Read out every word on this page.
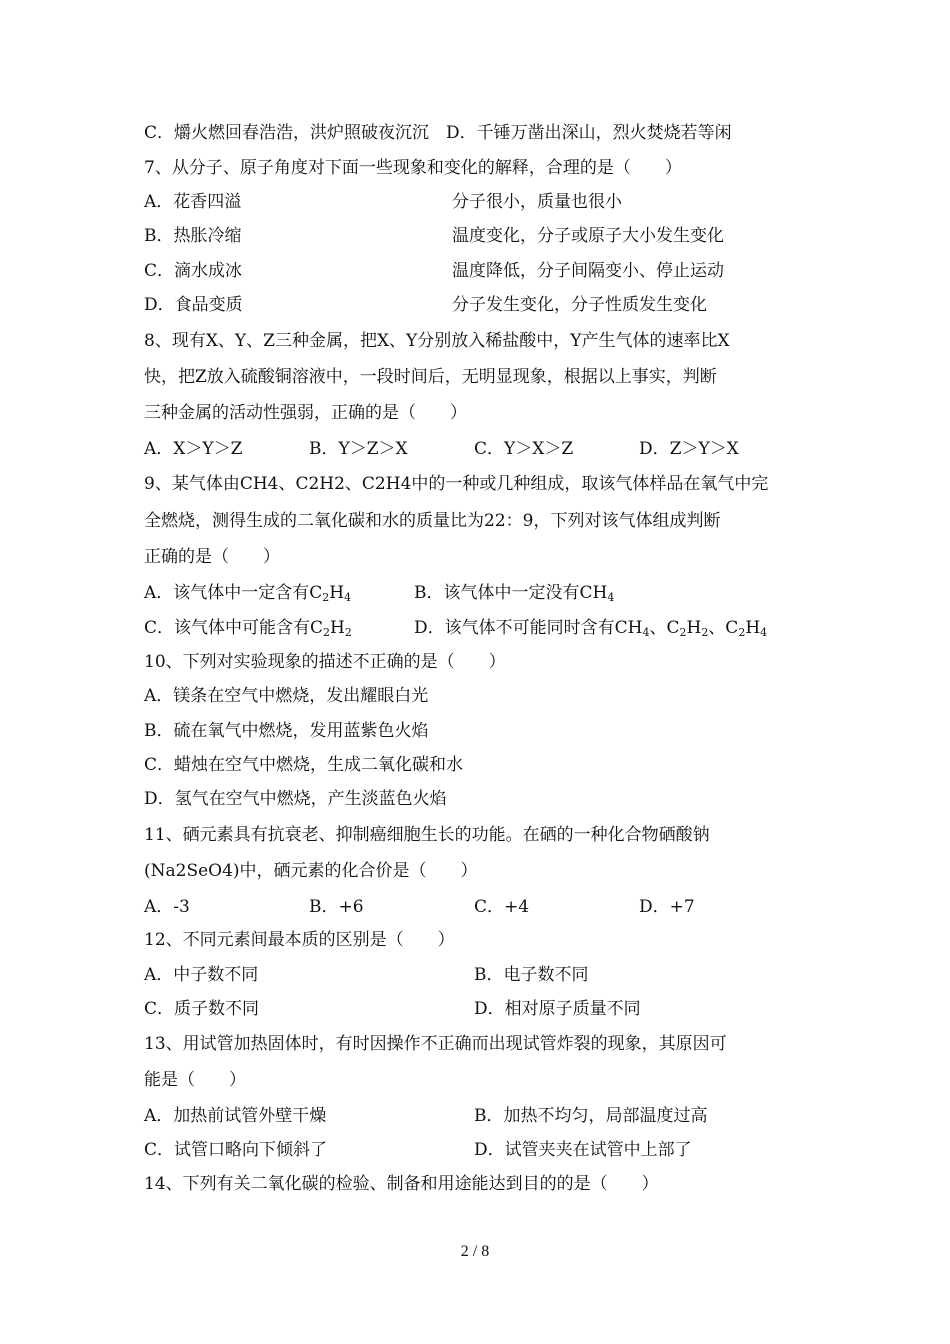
C．爝火燃回春浩浩，洪炉照破夜沉沉　D．千锤万凿出深山，烈火焚烧若等闲
7、从分子、原子角度对下面一些现象和变化的解释，合理的是（　　）
A．花香四溢	分子很小，质量也很小
B．热胀冷缩	温度变化，分子或原子大小发生变化
C．滴水成冰	温度降低，分子间隔变小、停止运动
D．食品变质	分子发生变化，分子性质发生变化
8、现有X、Y、Z三种金属，把X、Y分别放入稀盐酸中，Y产生气体的速率比X
快，把Z放入硫酸铜溶液中，一段时间后，无明显现象，根据以上事实，判断
三种金属的活动性强弱，正确的是（　　）
A．X＞Y＞Z	B．Y＞Z＞X	C．Y＞X＞Z	D．Z＞Y＞X
9、某气体由CH4、C2H2、C2H4中的一种或几种组成，取该气体样品在氧气中完
全燃烧，测得生成的二氧化碳和水的质量比为22：9，下列对该气体组成判断
正确的是（　　）
A．该气体中一定含有$C_2H_4$	B．该气体中一定没有$CH_4$
C．该气体中可能含有$C_2H_2$	D．该气体不可能同时含有$CH_4$、$C_2H_2$、$C_2H_4$
10、下列对实验现象的描述不正确的是（　　）
A．镁条在空气中燃烧，发出耀眼白光
B．硫在氧气中燃烧，发用蓝紫色火焰
C．蜡烛在空气中燃烧，生成二氧化碳和水
D．氢气在空气中燃烧，产生淡蓝色火焰
11、硒元素具有抗衰老、抑制癌细胞生长的功能。在硒的一种化合物硒酸钠
(Na2SeO4)中，硒元素的化合价是（　　）
A．-3	B．+6	C．+4	D．+7
12、不同元素间最本质的区别是（　　）
A．中子数不同	B．电子数不同
C．质子数不同	D．相对原子质量不同
13、用试管加热固体时，有时因操作不正确而出现试管炸裂的现象，其原因可
能是（　　）
A．加热前试管外壁干燥	B．加热不均匀，局部温度过高
C．试管口略向下倾斜了	D．试管夹夹在试管中上部了
14、下列有关二氧化碳的检验、制备和用途能达到目的的是（　　）
2 / 8
